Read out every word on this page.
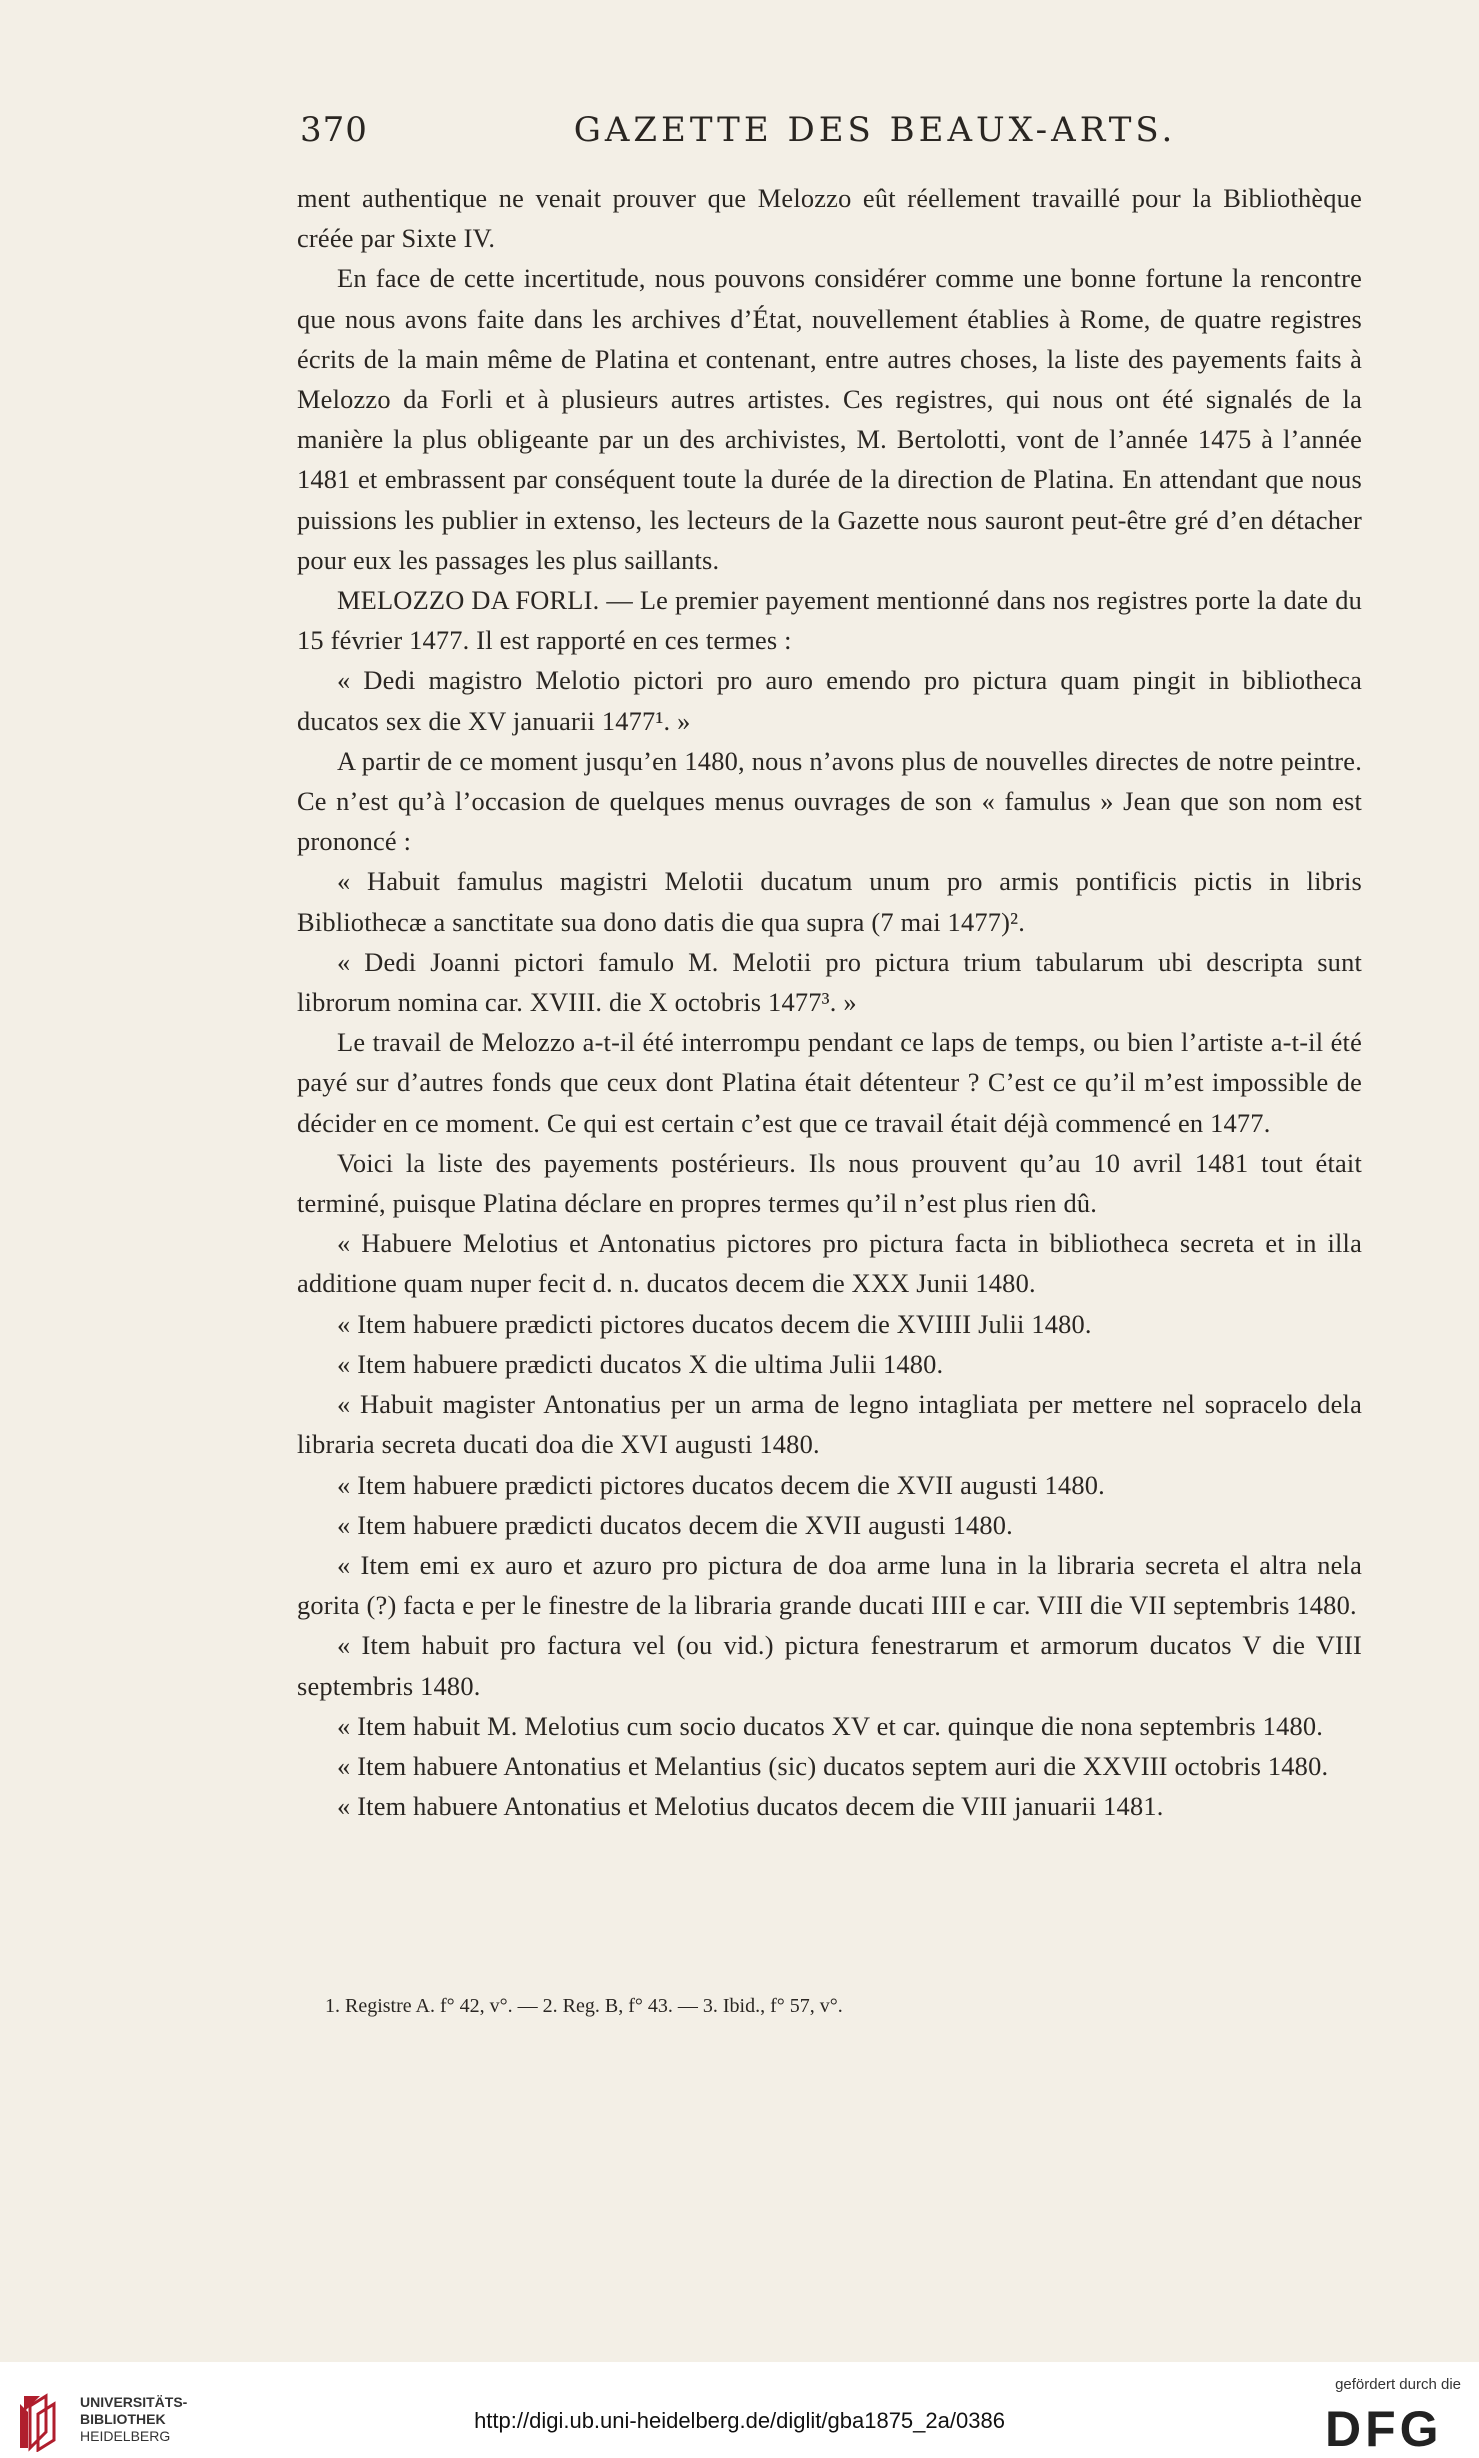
370	GAZETTE DES BEAUX-ARTS.

ment authentique ne venait prouver que Melozzo eût réellement travaillé pour la Bibliothèque créée par Sixte IV.

En face de cette incertitude, nous pouvons considérer comme une bonne fortune la rencontre que nous avons faite dans les archives d’État, nouvellement établies à Rome, de quatre registres écrits de la main même de Platina et contenant, entre autres choses, la liste des payements faits à Melozzo da Forli et à plusieurs autres artistes. Ces registres, qui nous ont été signalés de la manière la plus obligeante par un des archivistes, M. Bertolotti, vont de l’année 1475 à l’année 1481 et embrassent par conséquent toute la durée de la direction de Platina. En attendant que nous puissions les publier in extenso, les lecteurs de la Gazette nous sauront peut-être gré d’en détacher pour eux les passages les plus saillants.

MELOZZO DA FORLI. — Le premier payement mentionné dans nos registres porte la date du 15 février 1477. Il est rapporté en ces termes :

« Dedi magistro Melotio pictori pro auro emendo pro pictura quam pingit in bibliotheca ducatos sex die XV januarii 1477¹. »

A partir de ce moment jusqu’en 1480, nous n’avons plus de nouvelles directes de notre peintre. Ce n’est qu’à l’occasion de quelques menus ouvrages de son « famulus » Jean que son nom est prononcé :

« Habuit famulus magistri Melotii ducatum unum pro armis pontificis pictis in libris Bibliothecæ a sanctitate sua dono datis die qua supra (7 mai 1477)².

« Dedi Joanni pictori famulo M. Melotii pro pictura trium tabularum ubi descripta sunt librorum nomina car. XVIII. die X octobris 1477³. »

Le travail de Melozzo a-t-il été interrompu pendant ce laps de temps, ou bien l’artiste a-t-il été payé sur d’autres fonds que ceux dont Platina était détenteur ? C’est ce qu’il m’est impossible de décider en ce moment. Ce qui est certain c’est que ce travail était déjà commencé en 1477.

Voici la liste des payements postérieurs. Ils nous prouvent qu’au 10 avril 1481 tout était terminé, puisque Platina déclare en propres termes qu’il n’est plus rien dû.

« Habuere Melotius et Antonatius pictores pro pictura facta in bibliotheca secreta et in illa additione quam nuper fecit d. n. ducatos decem die XXX Junii 1480.

« Item habuere prædicti pictores ducatos decem die XVIIII Julii 1480.

« Item habuere prædicti ducatos X die ultima Julii 1480.

« Habuit magister Antonatius per un arma de legno intagliata per mettere nel sopracelo dela libraria secreta ducati doa die XVI augusti 1480.

« Item habuere prædicti pictores ducatos decem die XVII augusti 1480.

« Item habuere prædicti ducatos decem die XVII augusti 1480.

« Item emi ex auro et azuro pro pictura de doa arme luna in la libraria secreta el altra nela gorita (?) facta e per le finestre de la libraria grande ducati IIII e car. VIII die VII septembris 1480.

« Item habuit pro factura vel (ou vid.) pictura fenestrarum et armorum ducatos V die VIII septembris 1480.

« Item habuit M. Melotius cum socio ducatos XV et car. quinque die nona septembris 1480.

« Item habuere Antonatius et Melantius (sic) ducatos septem auri die XXVIII octobris 1480.

« Item habuere Antonatius et Melotius ducatos decem die VIII januarii 1481.

1. Registre A. f° 42, v°. — 2. Reg. B, f° 43. — 3. Ibid., f° 57, v°.
UNIVERSITÄTS-
BIBLIOTHEK
HEIDELBERG
http://digi.ub.uni-heidelberg.de/diglit/gba1875_2a/0386
gefördert durch die
DFG
